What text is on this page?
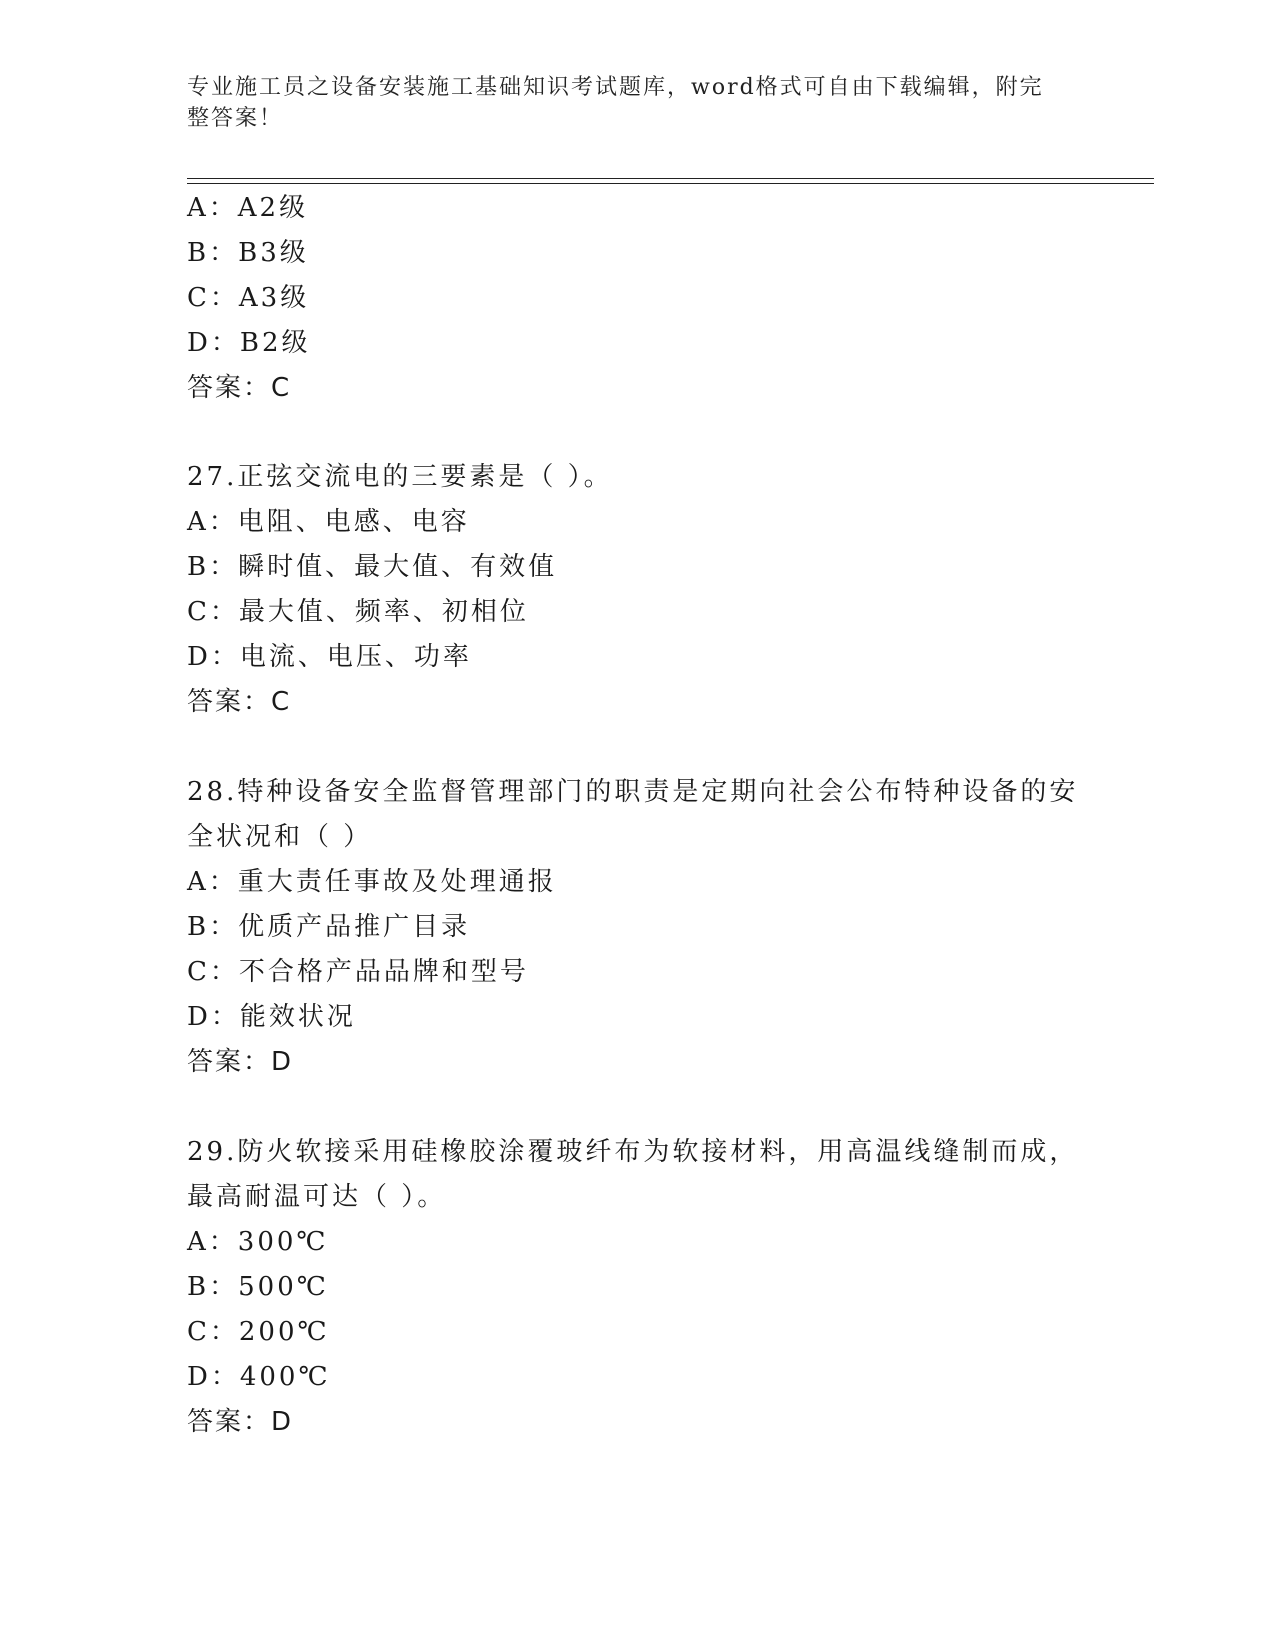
专业施工员之设备安装施工基础知识考试题库，word格式可自由下载编辑，附完整答案！
A：A2级
B：B3级
C：A3级
D：B2级
答案：C
27.正弦交流电的三要素是（ ）。
A：电阻、电感、电容
B：瞬时值、最大值、有效值
C：最大值、频率、初相位
D：电流、电压、功率
答案：C
28.特种设备安全监督管理部门的职责是定期向社会公布特种设备的安
全状况和（ ）
A：重大责任事故及处理通报
B：优质产品推广目录
C：不合格产品品牌和型号
D：能效状况
答案：D
29.防火软接采用硅橡胶涂覆玻纤布为软接材料，用高温线缝制而成，
最高耐温可达（ ）。
A：300℃
B：500℃
C：200℃
D：400℃
答案：D
